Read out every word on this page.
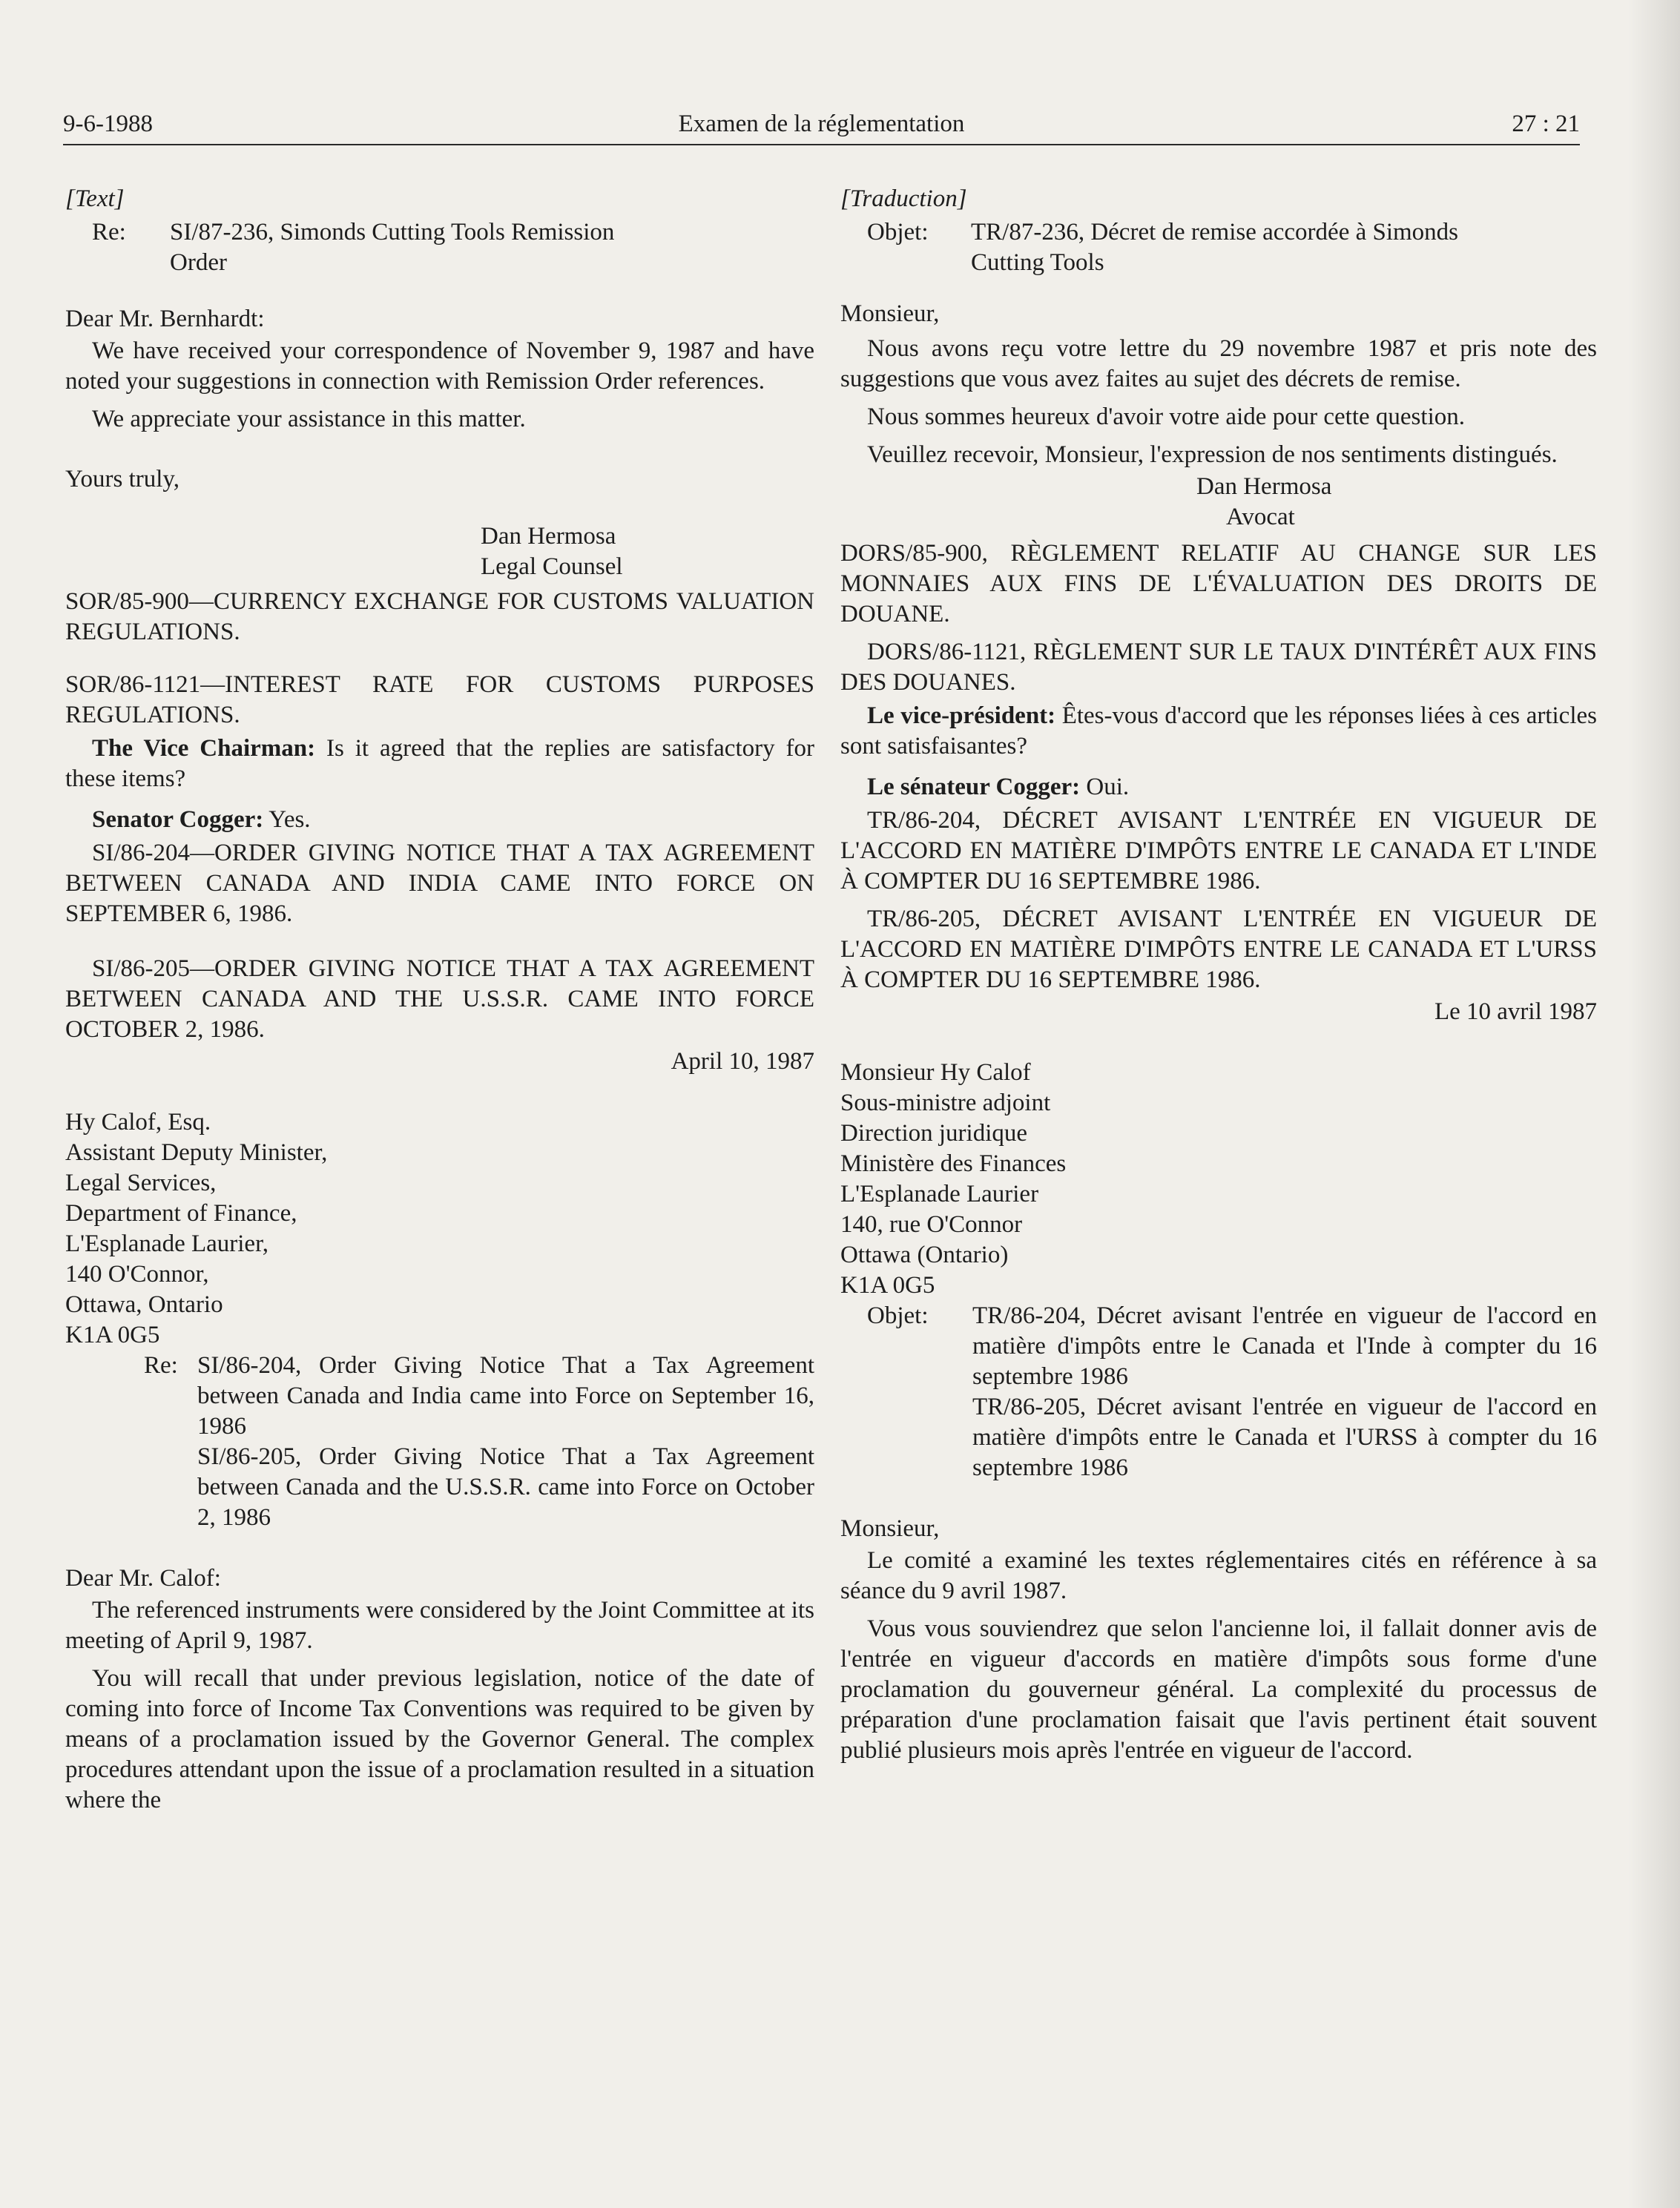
9-6-1988	Examen de la réglementation	27 : 21

[Text]

Re:	SI/87-236, Simonds Cutting Tools Remission
Order

Dear Mr. Bernhardt:

We have received your correspondence of November 9, 1987 and have noted your suggestions in connection with Remission Order references.

We appreciate your assistance in this matter.

Yours truly,

Dan Hermosa

Legal Counsel

SOR/85-900—CURRENCY EXCHANGE FOR CUSTOMS VALUATION REGULATIONS.

SOR/86-1121—INTEREST RATE FOR CUSTOMS PURPOSES REGULATIONS.

The Vice Chairman: Is it agreed that the replies are satisfactory for these items?

Senator Cogger: Yes.

SI/86-204—ORDER GIVING NOTICE THAT A TAX AGREEMENT BETWEEN CANADA AND INDIA CAME INTO FORCE ON SEPTEMBER 6, 1986.

SI/86-205—ORDER GIVING NOTICE THAT A TAX AGREEMENT BETWEEN CANADA AND THE U.S.S.R. CAME INTO FORCE OCTOBER 2, 1986.

April 10, 1987

Hy Calof, Esq.

Assistant Deputy Minister,

Legal Services,

Department of Finance,

L'Esplanade Laurier,

140 O'Connor,

Ottawa, Ontario

K1A 0G5

Re: SI/86-204, Order Giving Notice That a Tax Agreement between Canada and India came into Force on September 16, 1986
SI/86-205, Order Giving Notice That a Tax Agreement between Canada and the U.S.S.R. came into Force on October 2, 1986

Dear Mr. Calof:

The referenced instruments were considered by the Joint Committee at its meeting of April 9, 1987.

You will recall that under previous legislation, notice of the date of coming into force of Income Tax Conventions was required to be given by means of a proclamation issued by the Governor General. The complex procedures attendant upon the issue of a proclamation resulted in a situation where the

[Traduction]

Objet:	TR/87-236, Décret de remise accordée à Simonds
Cutting Tools

Monsieur,

Nous avons reçu votre lettre du 29 novembre 1987 et pris note des suggestions que vous avez faites au sujet des décrets de remise.

Nous sommes heureux d'avoir votre aide pour cette question.

Veuillez recevoir, Monsieur, l'expression de nos sentiments distingués.

Dan Hermosa

Avocat

DORS/85-900, RÈGLEMENT RELATIF AU CHANGE SUR LES MONNAIES AUX FINS DE L'ÉVALUATION DES DROITS DE DOUANE.

DORS/86-1121, RÈGLEMENT SUR LE TAUX D'INTÉRÊT AUX FINS DES DOUANES.

Le vice-président: Êtes-vous d'accord que les réponses liées à ces articles sont satisfaisantes?

Le sénateur Cogger: Oui.

TR/86-204, DÉCRET AVISANT L'ENTRÉE EN VIGUEUR DE L'ACCORD EN MATIÈRE D'IMPÔTS ENTRE LE CANADA ET L'INDE À COMPTER DU 16 SEPTEMBRE 1986.

TR/86-205, DÉCRET AVISANT L'ENTRÉE EN VIGUEUR DE L'ACCORD EN MATIÈRE D'IMPÔTS ENTRE LE CANADA ET L'URSS À COMPTER DU 16 SEPTEMBRE 1986.

Le 10 avril 1987

Monsieur Hy Calof

Sous-ministre adjoint

Direction juridique

Ministère des Finances

L'Esplanade Laurier

140, rue O'Connor

Ottawa (Ontario)

K1A 0G5

Objet:	TR/86-204, Décret avisant l'entrée en vigueur de l'accord en matière d'impôts entre le Canada et l'Inde à compter du 16 septembre 1986
TR/86-205, Décret avisant l'entrée en vigueur de l'accord en matière d'impôts entre le Canada et l'URSS à compter du 16 septembre 1986

Monsieur,

Le comité a examiné les textes réglementaires cités en référence à sa séance du 9 avril 1987.

Vous vous souviendrez que selon l'ancienne loi, il fallait donner avis de l'entrée en vigueur d'accords en matière d'impôts sous forme d'une proclamation du gouverneur général. La complexité du processus de préparation d'une proclamation faisait que l'avis pertinent était souvent publié plusieurs mois après l'entrée en vigueur de l'accord.
